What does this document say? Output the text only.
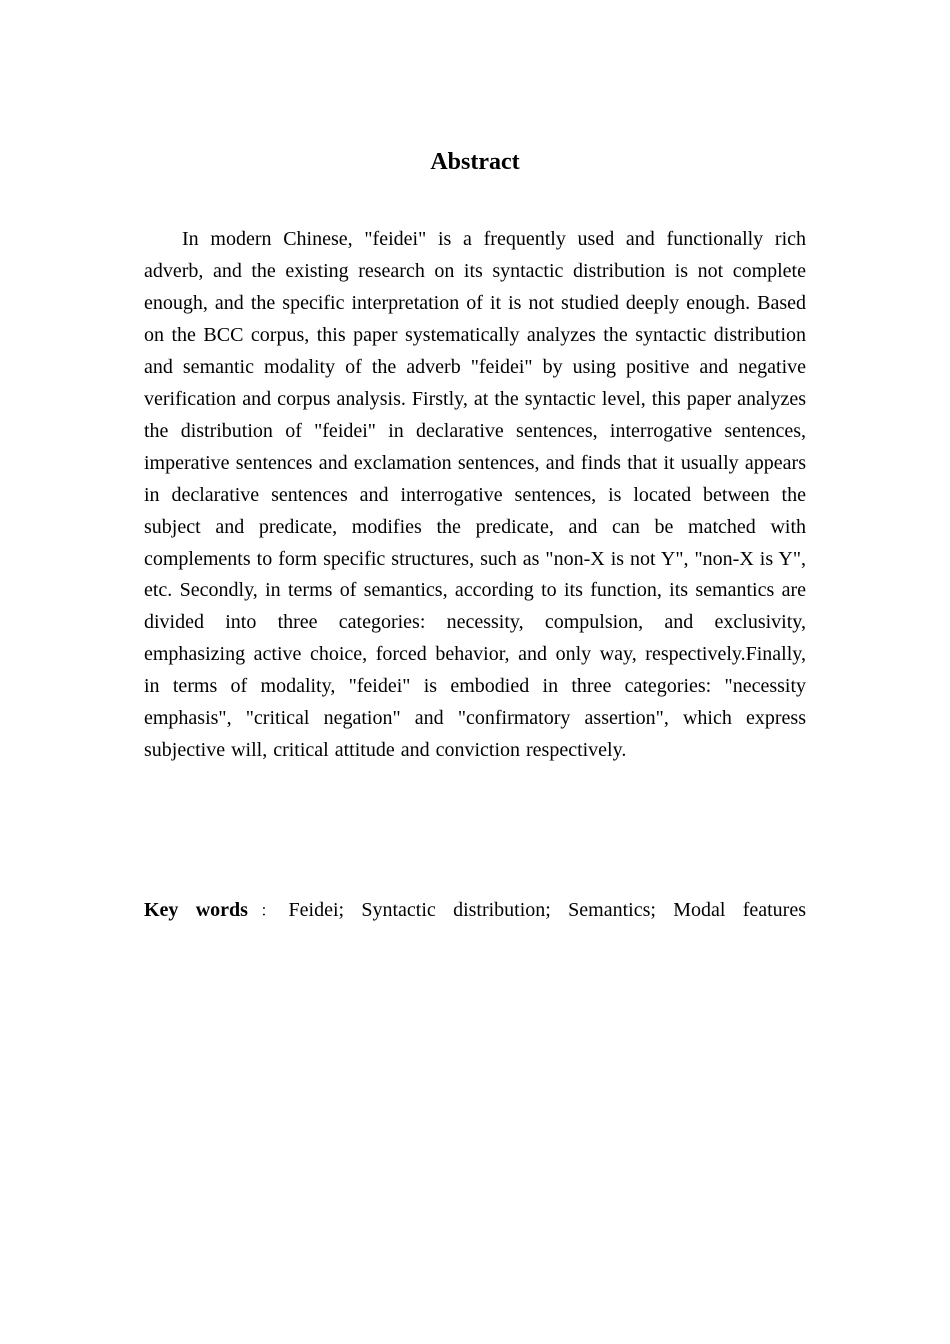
Abstract

In modern Chinese, "feidei" is a frequently used and functionally rich adverb, and the existing research on its syntactic distribution is not complete enough, and the specific interpretation of it is not studied deeply enough. Based on the BCC corpus, this paper systematically analyzes the syntactic distribution and semantic modality of the adverb "feidei" by using positive and negative verification and corpus analysis. Firstly, at the syntactic level, this paper analyzes the distribution of "feidei" in declarative sentences, interrogative sentences, imperative sentences and exclamation sentences, and finds that it usually appears in declarative sentences and interrogative sentences, is located between the subject and predicate, modifies the predicate, and can be matched with complements to form specific structures, such as "non-X is not Y", "non-X is Y", etc. Secondly, in terms of semantics, according to its function, its semantics are divided into three categories: necessity, compulsion, and exclusivity, emphasizing active choice, forced behavior, and only way, respectively.Finally, in terms of modality, "feidei" is embodied in three categories: "necessity emphasis", "critical negation" and "confirmatory assertion", which express subjective will, critical attitude and conviction respectively.

Key words：Feidei; Syntactic distribution; Semantics; Modal features
